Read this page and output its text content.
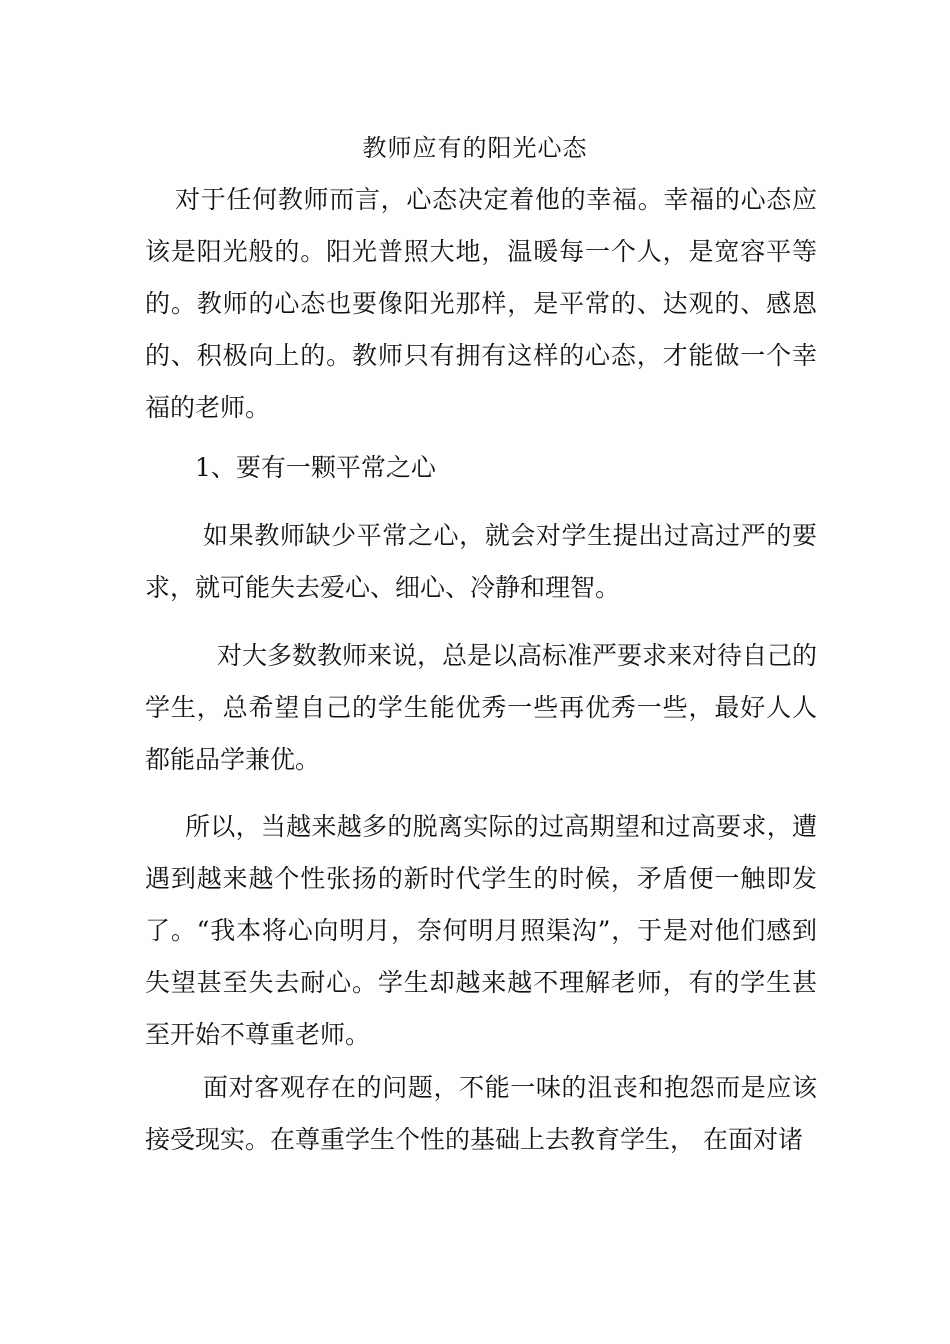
教师应有的阳光心态

对于任何教师而言，心态决定着他的幸福。幸福的心态应该是阳光般的。阳光普照大地，温暖每一个人，是宽容平等的。教师的心态也要像阳光那样，是平常的、达观的、感恩的、积极向上的。教师只有拥有这样的心态，才能做一个幸福的老师。

1、要有一颗平常之心

如果教师缺少平常之心，就会对学生提出过高过严的要求，就可能失去爱心、细心、冷静和理智。

对大多数教师来说，总是以高标准严要求来对待自己的学生，总希望自己的学生能优秀一些再优秀一些，最好人人都能品学兼优。

所以，当越来越多的脱离实际的过高期望和过高要求，遭遇到越来越个性张扬的新时代学生的时候，矛盾便一触即发了。“我本将心向明月，奈何明月照渠沟”，于是对他们感到失望甚至失去耐心。学生却越来越不理解老师，有的学生甚至开始不尊重老师。

面对客观存在的问题，不能一味的沮丧和抱怨而是应该接受现实。在尊重学生个性的基础上去教育学生， 在面对诸
